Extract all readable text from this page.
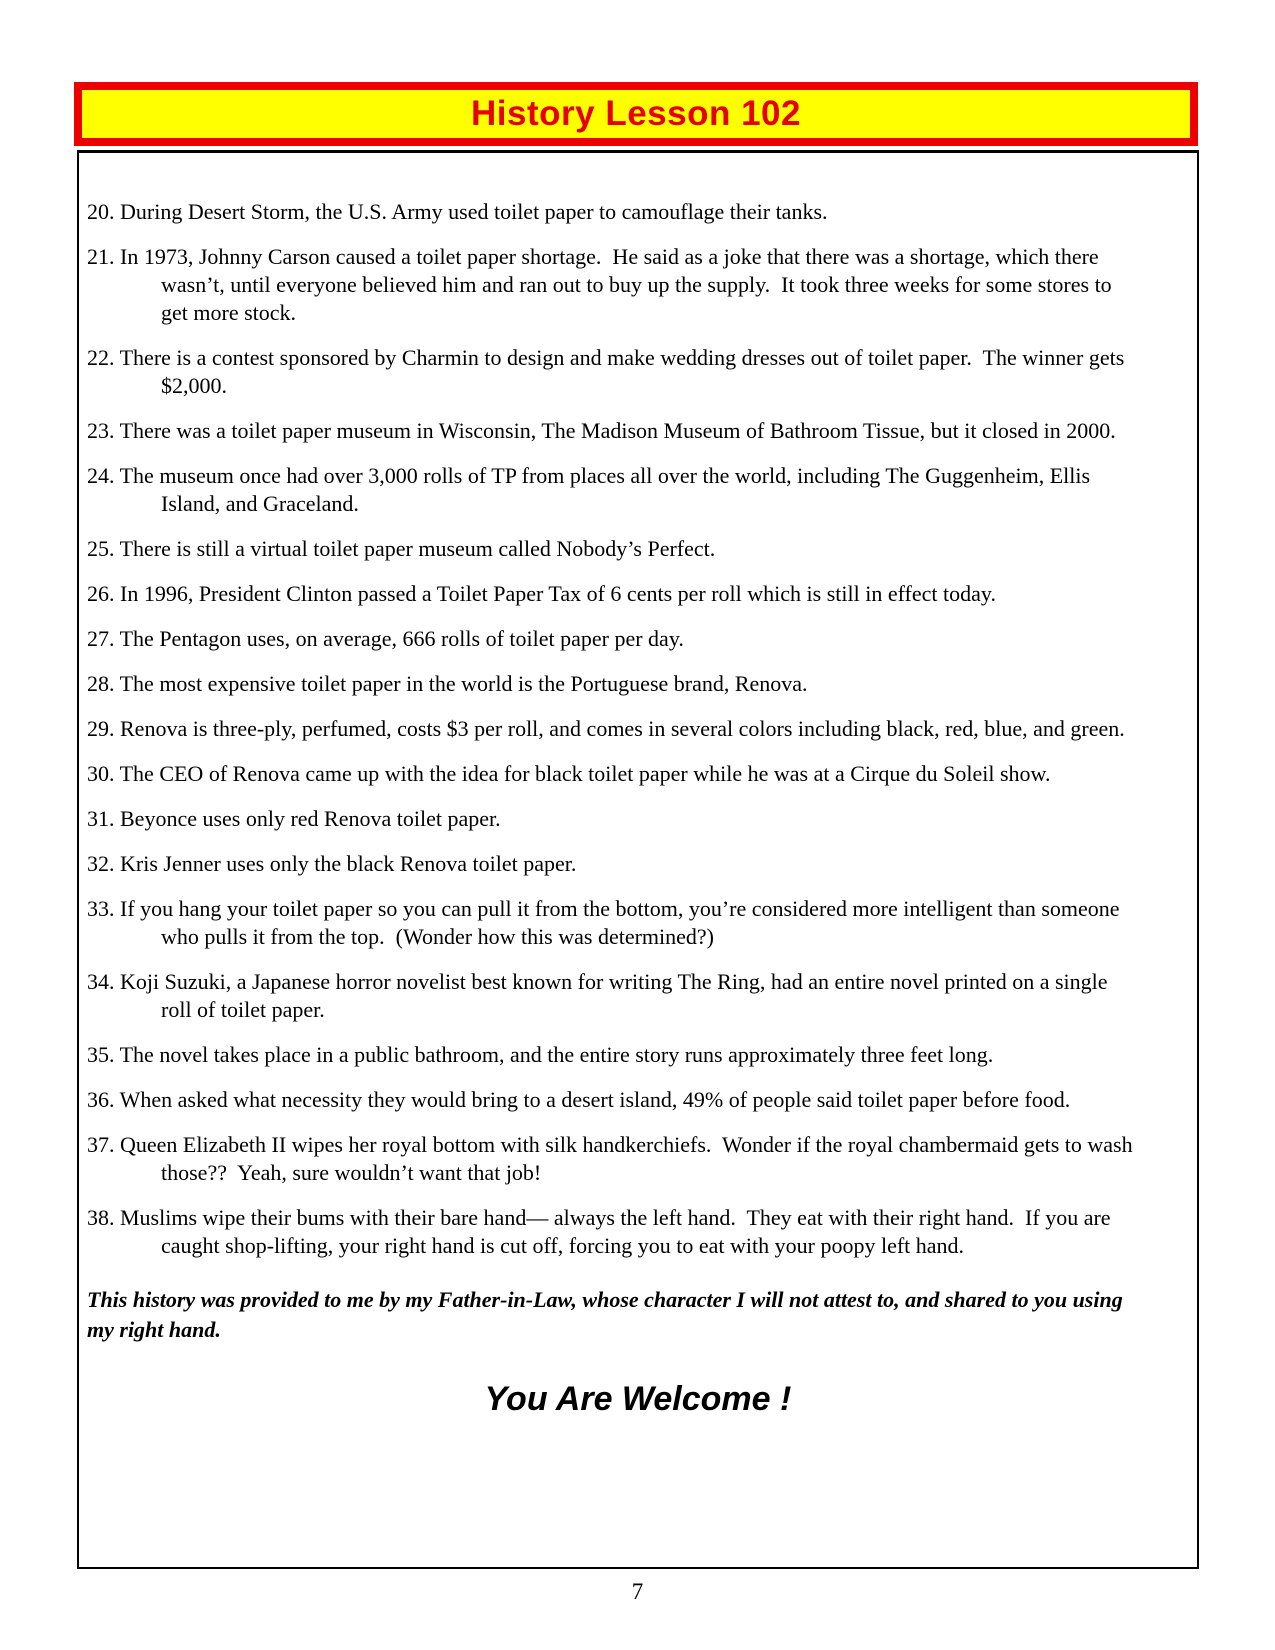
History Lesson 102

20. During Desert Storm, the U.S. Army used toilet paper to camouflage their tanks.

21. In 1973, Johnny Carson caused a toilet paper shortage.  He said as a joke that there was a shortage, which there wasn’t, until everyone believed him and ran out to buy up the supply.  It took three weeks for some stores to get more stock.

22. There is a contest sponsored by Charmin to design and make wedding dresses out of toilet paper.  The winner gets $2,000.

23. There was a toilet paper museum in Wisconsin, The Madison Museum of Bathroom Tissue, but it closed in 2000.

24. The museum once had over 3,000 rolls of TP from places all over the world, including The Guggenheim, Ellis Island, and Graceland.

25. There is still a virtual toilet paper museum called Nobody’s Perfect.

26. In 1996, President Clinton passed a Toilet Paper Tax of 6 cents per roll which is still in effect today.

27. The Pentagon uses, on average, 666 rolls of toilet paper per day.

28. The most expensive toilet paper in the world is the Portuguese brand, Renova.

29. Renova is three-ply, perfumed, costs $3 per roll, and comes in several colors including black, red, blue, and green.

30. The CEO of Renova came up with the idea for black toilet paper while he was at a Cirque du Soleil show.

31. Beyonce uses only red Renova toilet paper.

32. Kris Jenner uses only the black Renova toilet paper.

33. If you hang your toilet paper so you can pull it from the bottom, you’re considered more intelligent than someone who pulls it from the top.  (Wonder how this was determined?)

34. Koji Suzuki, a Japanese horror novelist best known for writing The Ring, had an entire novel printed on a single roll of toilet paper.

35. The novel takes place in a public bathroom, and the entire story runs approximately three feet long.

36. When asked what necessity they would bring to a desert island, 49% of people said toilet paper before food.

37. Queen Elizabeth II wipes her royal bottom with silk handkerchiefs.  Wonder if the royal chambermaid gets to wash those??  Yeah, sure wouldn’t want that job!

38. Muslims wipe their bums with their bare hand— always the left hand.  They eat with their right hand.  If you are caught shop-lifting, your right hand is cut off, forcing you to eat with your poopy left hand.

This history was provided to me by my Father-in-Law, whose character I will not attest to, and shared to you using my right hand.

You Are Welcome !

7
